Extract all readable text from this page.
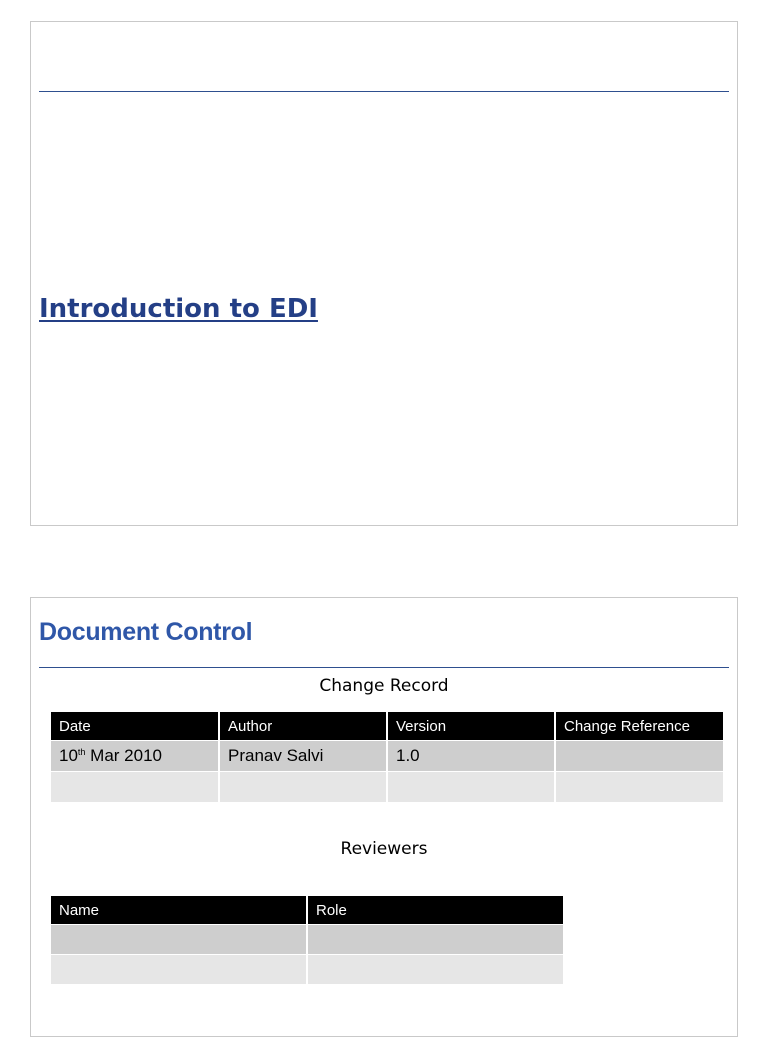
Introduction to EDI
Document Control
Change Record
Date	Author	Version	Change Reference
10th Mar 2010	Pranav Salvi	1.0	

Reviewers
Name	Role
